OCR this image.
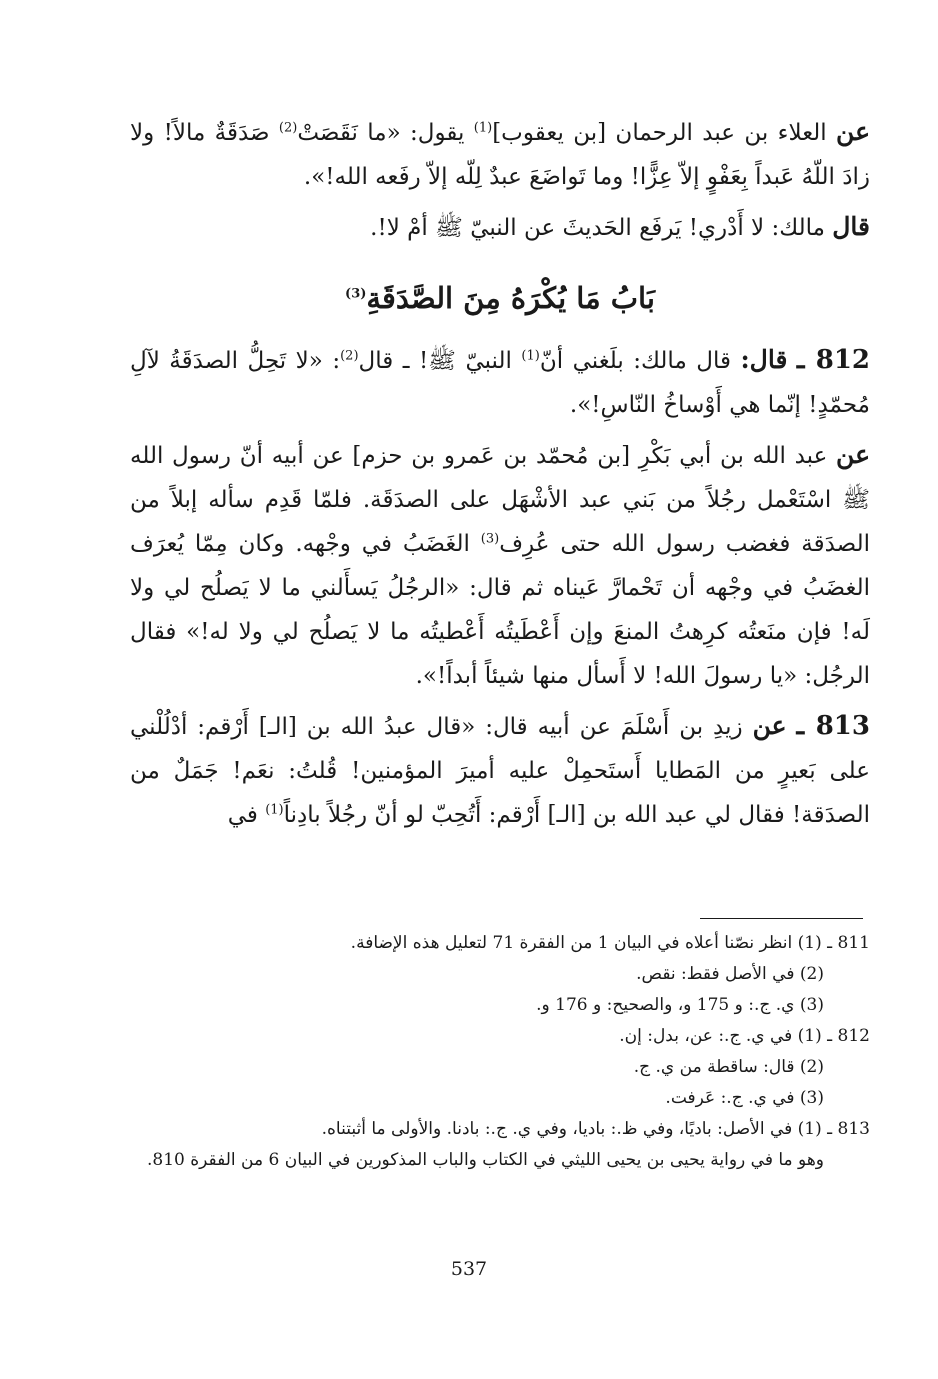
عن العلاء بن عبد الرحمان [بن يعقوب]$^{(1)}$ يقول: «ما نَقَصَتْ$^{(2)}$ صَدَقَةٌ مالاً! ولا زادَ اللّهُ عَبداً بِعَفْوٍ إلاّ عِزًّا! وما تَواضَعَ عبدٌ لِلّه إلاّ رفَعه الله!».

قال مالك: لا أَدْري! يَرفَع الحَديثَ عن النبيّ ﷺ أمْ لا!.

بَابُ مَا يُكْرَهُ مِنَ الصَّدَقَةِ$^{(3)}$

812 ـ قال: قال مالك: بلَغني أنّ$^{(1)}$ النبيّ ﷺ! ـ قال$^{(2)}$: «لا تَحِلُّ الصدَقَةُ لآلِ مُحمّدٍ! إنّما هي أَوْساخُ النّاسِ!».

عن عبد الله بن أبي بَكْرِ [بن مُحمّد بن عَمرو بن حزم] عن أبيه أنّ رسول الله ﷺ اسْتَعْمل رجُلاً من بَني عبد الأشْهَل على الصدَقَة. فلمّا قَدِم سأله إبلاً من الصدَقة فغضب رسول الله حتى عُرِف$^{(3)}$ الغَضَبُ في وجْهه. وكان مِمّا يُعرَف الغضَبُ في وجْهه أن تَحْمارَّ عَيناه ثم قال: «الرجُلُ يَسأَلني ما لا يَصلُح لي ولا لَه! فإن منَعتُه كرِهتُ المنعَ وإن أَعْطَيتُه أَعْطيتُه ما لا يَصلُح لي ولا له!» فقال الرجُل: «يا رسولَ الله! لا أَسأل منها شيئاً أبداً!».

813 ـ عن زيدِ بن أَسْلَمَ عن أبيه قال: «قال عبدُ الله بن [الـ] أَرْقم: أدْلُلْني على بَعيرٍ من المَطايا أَستَحمِلْ عليه أميرَ المؤمنين! قُلتُ: نعَم! جَمَلٌ من الصدَقة! فقال لي عبد الله بن [الـ] أَرْقم: أَتُحِبّ لو أنّ رجُلاً بادِناً$^{(1)}$ في

811 ـ (1) انظر نصّنا أعلاه في البيان 1 من الفقرة 71 لتعليل هذه الإضافة.

(2) في الأصل فقط: نقص.

(3) ي. ج.: و 175 و، والصحيح: و 176 و.

812 ـ (1) في ي. ج.: عن، بدل: إن.

(2) قال: ساقطة من ي. ج.

(3) في ي. ج.: عَرفت.

813 ـ (1) في الأصل: باديًا، وفي ظ.: باديا، وفي ي. ج.: بادنا. والأولى ما أثبتناه.

وهو ما في رواية يحيى بن يحيى الليثي في الكتاب والباب المذكورين في البيان 6 من الفقرة 810.

537
